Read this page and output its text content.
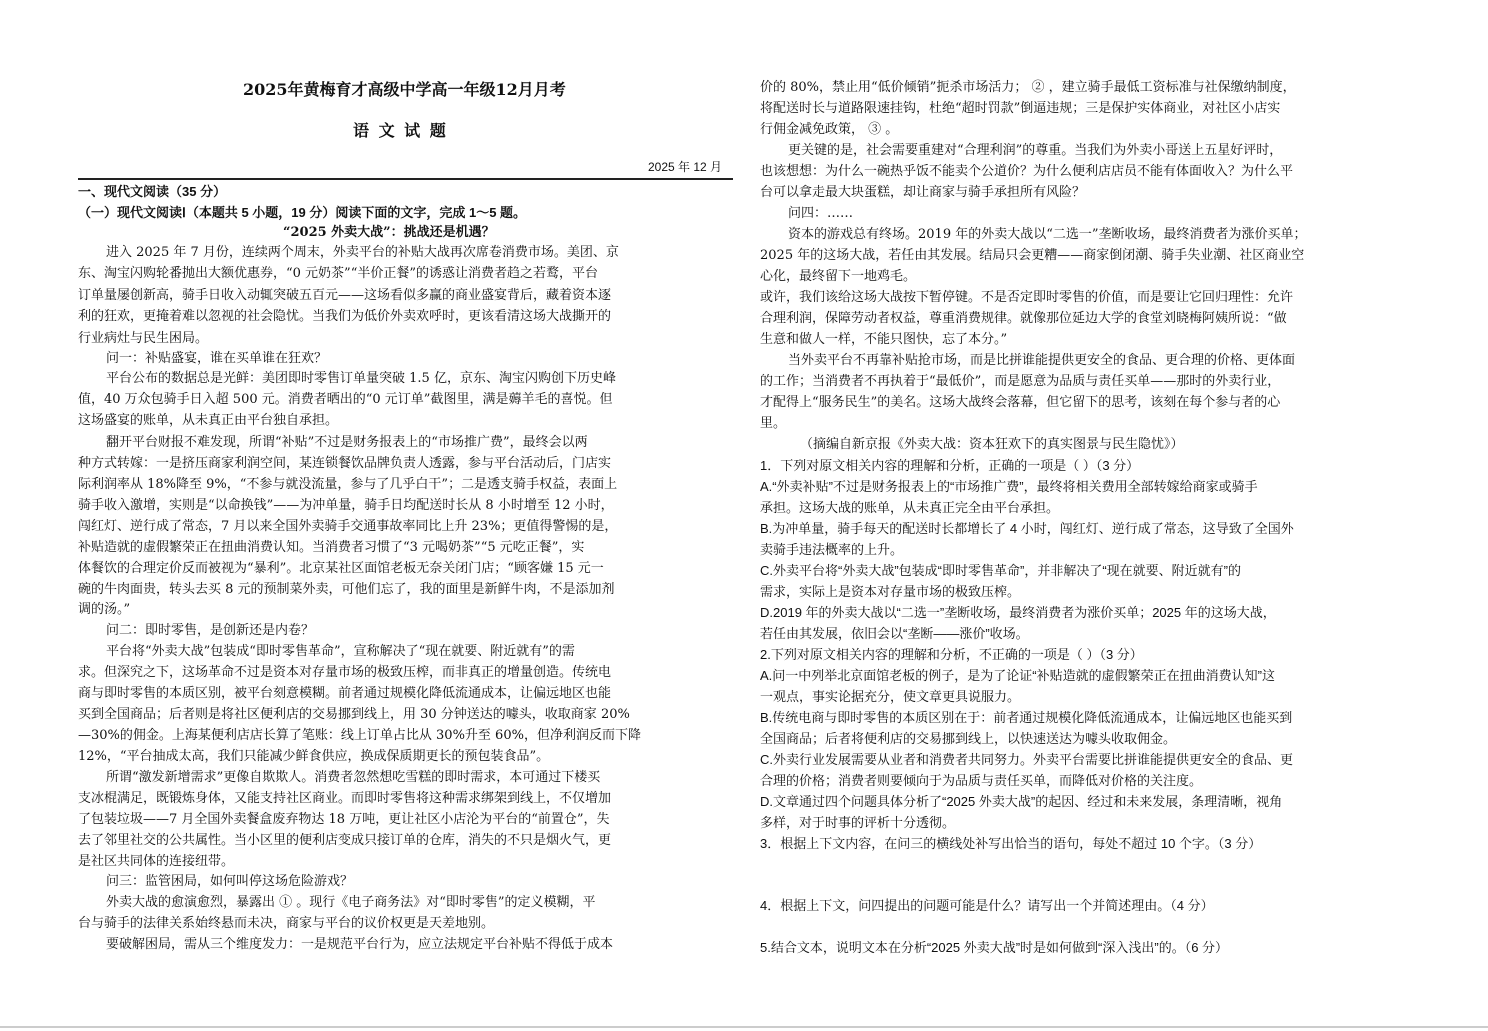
2025年黄梅育才高级中学高一年级12月月考
语 文 试 题
2025 年 12 月
一、现代文阅读（35 分）
（一）现代文阅读Ⅰ（本题共 5 小题，19 分）阅读下面的文字，完成 1～5 题。
“2025 外卖大战”：挑战还是机遇？
进入 2025 年 7 月份，连续两个周末，外卖平台的补贴大战再次席卷消费市场。美团、京
东、淘宝闪购轮番抛出大额优惠券，“0 元奶茶”“半价正餐”的诱惑让消费者趋之若鹜，平台
订单量屡创新高，骑手日收入动辄突破五百元——这场看似多赢的商业盛宴背后，藏着资本逐
利的狂欢，更掩着难以忽视的社会隐忧。当我们为低价外卖欢呼时，更该看清这场大战撕开的
行业病灶与民生困局。
问一：补贴盛宴，谁在买单谁在狂欢？
平台公布的数据总是光鲜：美团即时零售订单量突破 1.5 亿，京东、淘宝闪购创下历史峰
值，40 万众包骑手日入超 500 元。消费者晒出的“0 元订单”截图里，满是薅羊毛的喜悦。但
这场盛宴的账单，从未真正由平台独自承担。
翻开平台财报不难发现，所谓“补贴”不过是财务报表上的“市场推广费”，最终会以两
种方式转嫁：一是挤压商家利润空间，某连锁餐饮品牌负责人透露，参与平台活动后，门店实
际利润率从 18%降至 9%，“不参与就没流量，参与了几乎白干”；二是透支骑手权益，表面上
骑手收入激增，实则是“以命换钱”——为冲单量，骑手日均配送时长从 8 小时增至 12 小时，
闯红灯、逆行成了常态，7 月以来全国外卖骑手交通事故率同比上升 23%；更值得警惕的是，
补贴造就的虚假繁荣正在扭曲消费认知。当消费者习惯了“3 元喝奶茶”“5 元吃正餐”，实
体餐饮的合理定价反而被视为“暴利”。北京某社区面馆老板无奈关闭门店；“顾客嫌 15 元一
碗的牛肉面贵，转头去买 8 元的预制菜外卖，可他们忘了，我的面里是新鲜牛肉，不是添加剂
调的汤。”
问二：即时零售，是创新还是内卷？
平台将“外卖大战”包装成“即时零售革命”，宣称解决了“现在就要、附近就有”的需
求。但深究之下，这场革命不过是资本对存量市场的极致压榨，而非真正的增量创造。传统电
商与即时零售的本质区别，被平台刻意模糊。前者通过规模化降低流通成本，让偏远地区也能
买到全国商品；后者则是将社区便利店的交易挪到线上，用 30 分钟送达的噱头，收取商家 20%
—30%的佣金。上海某便利店店长算了笔账：线上订单占比从 30%升至 60%，但净利润反而下降
12%，“平台抽成太高，我们只能减少鲜食供应，换成保质期更长的预包装食品”。
所谓“激发新增需求”更像自欺欺人。消费者忽然想吃雪糕的即时需求，本可通过下楼买
支冰棍满足，既锻炼身体，又能支持社区商业。而即时零售将这种需求绑架到线上，不仅增加
了包装垃圾——7 月全国外卖餐盒废弃物达 18 万吨，更让社区小店沦为平台的“前置仓”，失
去了邻里社交的公共属性。当小区里的便利店变成只接订单的仓库，消失的不只是烟火气，更
是社区共同体的连接纽带。
问三：监管困局，如何叫停这场危险游戏？
外卖大战的愈演愈烈，暴露出 ① 。现行《电子商务法》对“即时零售”的定义模糊，平
台与骑手的法律关系始终悬而未决，商家与平台的议价权更是天差地别。
要破解困局，需从三个维度发力：一是规范平台行为，应立法规定平台补贴不得低于成本
价的 80%，禁止用“低价倾销”扼杀市场活力； ② ，建立骑手最低工资标准与社保缴纳制度，
将配送时长与道路限速挂钩，杜绝“超时罚款”倒逼违规；三是保护实体商业，对社区小店实
行佣金减免政策， ③ 。
更关键的是，社会需要重建对“合理利润”的尊重。当我们为外卖小哥送上五星好评时，
也该想想：为什么一碗热乎饭不能卖个公道价？为什么便利店店员不能有体面收入？为什么平
台可以拿走最大块蛋糕，却让商家与骑手承担所有风险？
问四：……
资本的游戏总有终场。2019 年的外卖大战以“二选一”垄断收场，最终消费者为涨价买单；
2025 年的这场大战，若任由其发展。结局只会更糟——商家倒闭潮、骑手失业潮、社区商业空
心化，最终留下一地鸡毛。
或许，我们该给这场大战按下暂停键。不是否定即时零售的价值，而是要让它回归理性：允许
合理利润，保障劳动者权益，尊重消费规律。就像那位延边大学的食堂刘晓梅阿姨所说：“做
生意和做人一样，不能只图快，忘了本分。”
当外卖平台不再靠补贴抢市场，而是比拼谁能提供更安全的食品、更合理的价格、更体面
的工作；当消费者不再执着于“最低价”，而是愿意为品质与责任买单——那时的外卖行业，
才配得上“服务民生”的美名。这场大战终会落幕，但它留下的思考，该刻在每个参与者的心
里。
（摘编自新京报《外卖大战：资本狂欢下的真实图景与民生隐忧》）
1．下列对原文相关内容的理解和分析，正确的一项是（ ）（3 分）
A.“外卖补贴”不过是财务报表上的“市场推广费”，最终将相关费用全部转嫁给商家或骑手
承担。这场大战的账单，从未真正完全由平台承担。
B.为冲单量，骑手每天的配送时长都增长了 4 小时，闯红灯、逆行成了常态，这导致了全国外
卖骑手违法概率的上升。
C.外卖平台将“外卖大战”包装成“即时零售革命”，并非解决了“现在就要、附近就有”的
需求，实际上是资本对存量市场的极致压榨。
D.2019 年的外卖大战以“二选一”垄断收场，最终消费者为涨价买单；2025 年的这场大战，
若任由其发展，依旧会以“垄断——涨价”收场。
2.下列对原文相关内容的理解和分析，不正确的一项是（ ）（3 分）
A.问一中列举北京面馆老板的例子，是为了论证“补贴造就的虚假繁荣正在扭曲消费认知”这
一观点，事实论据充分，使文章更具说服力。
B.传统电商与即时零售的本质区别在于：前者通过规模化降低流通成本，让偏远地区也能买到
全国商品；后者将便利店的交易挪到线上，以快速送达为噱头收取佣金。
C.外卖行业发展需要从业者和消费者共同努力。外卖平台需要比拼谁能提供更安全的食品、更
合理的价格；消费者则要倾向于为品质与责任买单，而降低对价格的关注度。
D.文章通过四个问题具体分析了“2025 外卖大战”的起因、经过和未来发展，条理清晰，视角
多样，对于时事的评析十分透彻。
3．根据上下文内容，在问三的横线处补写出恰当的语句，每处不超过 10 个字。（3 分）
4．根据上下文，问四提出的问题可能是什么？请写出一个并简述理由。（4 分）
5.结合文本，说明文本在分析“2025 外卖大战”时是如何做到“深入浅出”的。（6 分）
